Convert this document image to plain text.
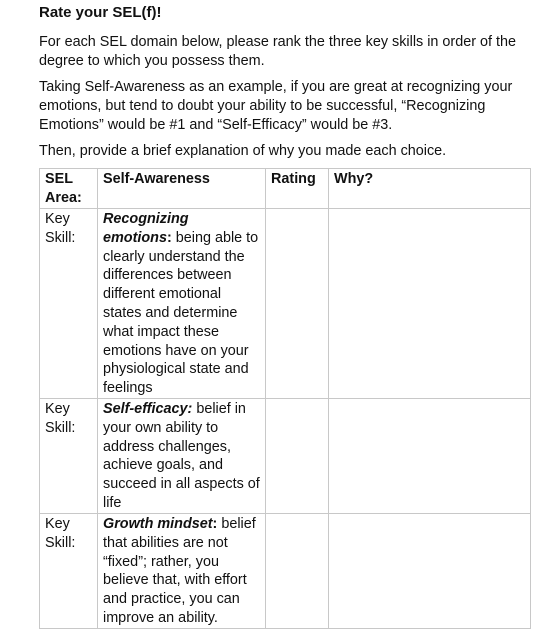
Rate your SEL(f)!

For each SEL domain below, please rank the three key skills in order of the degree to which you possess them.

Taking Self-Awareness as an example, if you are great at recognizing your emotions, but tend to doubt your ability to be successful, “Recognizing Emotions” would be #1 and “Self-Efficacy” would be #3.

Then, provide a brief explanation of why you made each choice.

SEL Area:	Self-Awareness	Rating	Why?
Key Skill:	Recognizing emotions: being able to clearly understand the differences between different emotional states and determine what impact these emotions have on your physiological state and feelings		
Key Skill:	Self-efficacy: belief in your own ability to address challenges, achieve goals, and succeed in all aspects of life		
Key Skill:	Growth mindset: belief that abilities are not “fixed”; rather, you believe that, with effort and practice, you can improve an ability.		
